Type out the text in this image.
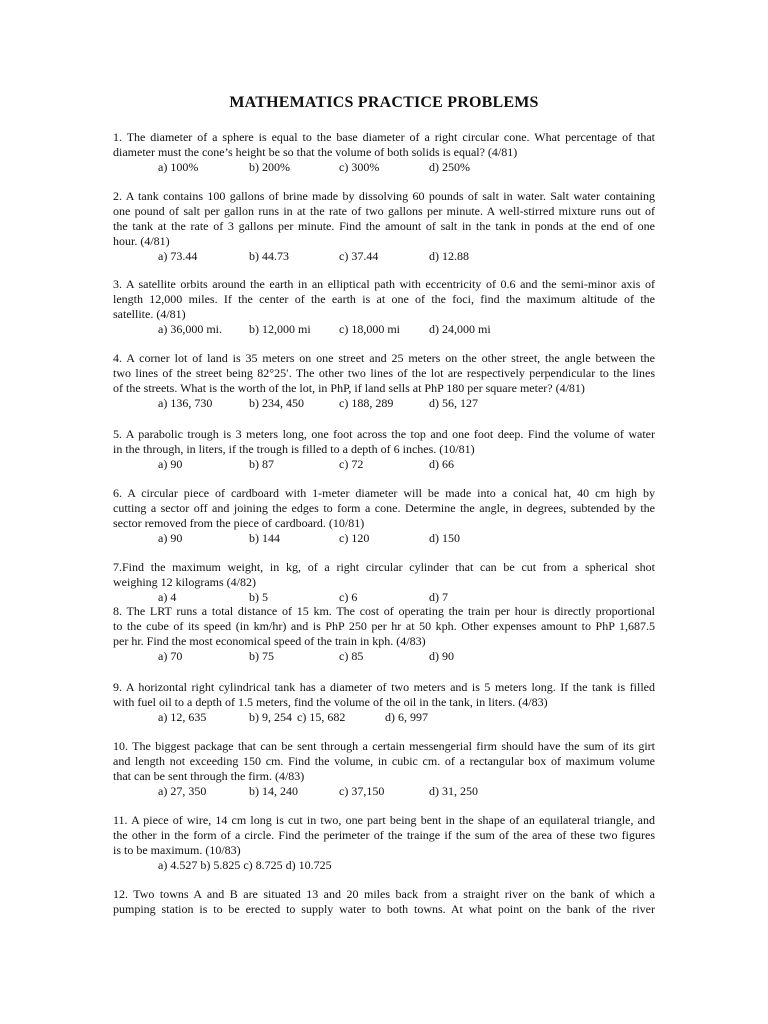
MATHEMATICS PRACTICE PROBLEMS
1. The diameter of a sphere is equal to the base diameter of a right circular cone. What percentage of that
diameter must the cone’s height be so that the volume of both solids is equal? (4/81)
a) 100%	b) 200%	c) 300%	d) 250%
2. A tank contains 100 gallons of brine made by dissolving 60 pounds of salt in water. Salt water containing
one pound of salt per gallon runs in at the rate of two gallons per minute. A well-stirred mixture runs out of
the tank at the rate of 3 gallons per minute. Find the amount of salt in the tank in ponds at the end of one
hour. (4/81)
a) 73.44	b) 44.73	c) 37.44	d) 12.88
3. A satellite orbits around the earth in an elliptical path with eccentricity of 0.6 and the semi-minor axis of
length 12,000 miles. If the center of the earth is at one of the foci, find the maximum altitude of the
satellite. (4/81)
a) 36,000 mi. b) 12,000 mi c) 18,000 mi d) 24,000 mi
4. A corner lot of land is 35 meters on one street and 25 meters on the other street, the angle between the
two lines of the street being 82°25′. The other two lines of the lot are respectively perpendicular to the lines
of the streets. What is the worth of the lot, in PhP, if land sells at PhP 180 per square meter? (4/81)
a) 136, 730	b) 234, 450	c) 188, 289	d) 56, 127
5. A parabolic trough is 3 meters long, one foot across the top and one foot deep. Find the volume of water
in the through, in liters, if the trough is filled to a depth of 6 inches. (10/81)
a) 90	b) 87	c) 72	d) 66
6. A circular piece of cardboard with 1-meter diameter will be made into a conical hat, 40 cm high by
cutting a sector off and joining the edges to form a cone. Determine the angle, in degrees, subtended by the
sector removed from the piece of cardboard. (10/81)
a) 90	b) 144	c) 120	d) 150
7.Find the maximum weight, in kg, of a right circular cylinder that can be cut from a spherical shot
weighing 12 kilograms (4/82)
a) 4	b) 5	c) 6	d) 7
8. The LRT runs a total distance of 15 km. The cost of operating the train per hour is directly proportional
to the cube of its speed (in km/hr) and is PhP 250 per hr at 50 kph. Other expenses amount to PhP 1,687.5
per hr. Find the most economical speed of the train in kph. (4/83)
a) 70	b) 75	c) 85	d) 90
9. A horizontal right cylindrical tank has a diameter of two meters and is 5 meters long. If the tank is filled
with fuel oil to a depth of 1.5 meters, find the volume of the oil in the tank, in liters. (4/83)
a) 12, 635	b) 9, 254 c) 15, 682	d) 6, 997
10. The biggest package that can be sent through a certain messengerial firm should have the sum of its girt
and length not exceeding 150 cm. Find the volume, in cubic cm. of a rectangular box of maximum volume
that can be sent through the firm. (4/83)
a) 27, 350	b) 14, 240	c) 37,150	d) 31, 250
11. A piece of wire, 14 cm long is cut in two, one part being bent in the shape of an equilateral triangle, and
the other in the form of a circle. Find the perimeter of the trainge if the sum of the area of these two figures
is to be maximum. (10/83)
a) 4.527 b) 5.825 c) 8.725 d) 10.725
12. Two towns A and B are situated 13 and 20 miles back from a straight river on the bank of which a
pumping station is to be erected to supply water to both towns. At what point on the bank of the river
